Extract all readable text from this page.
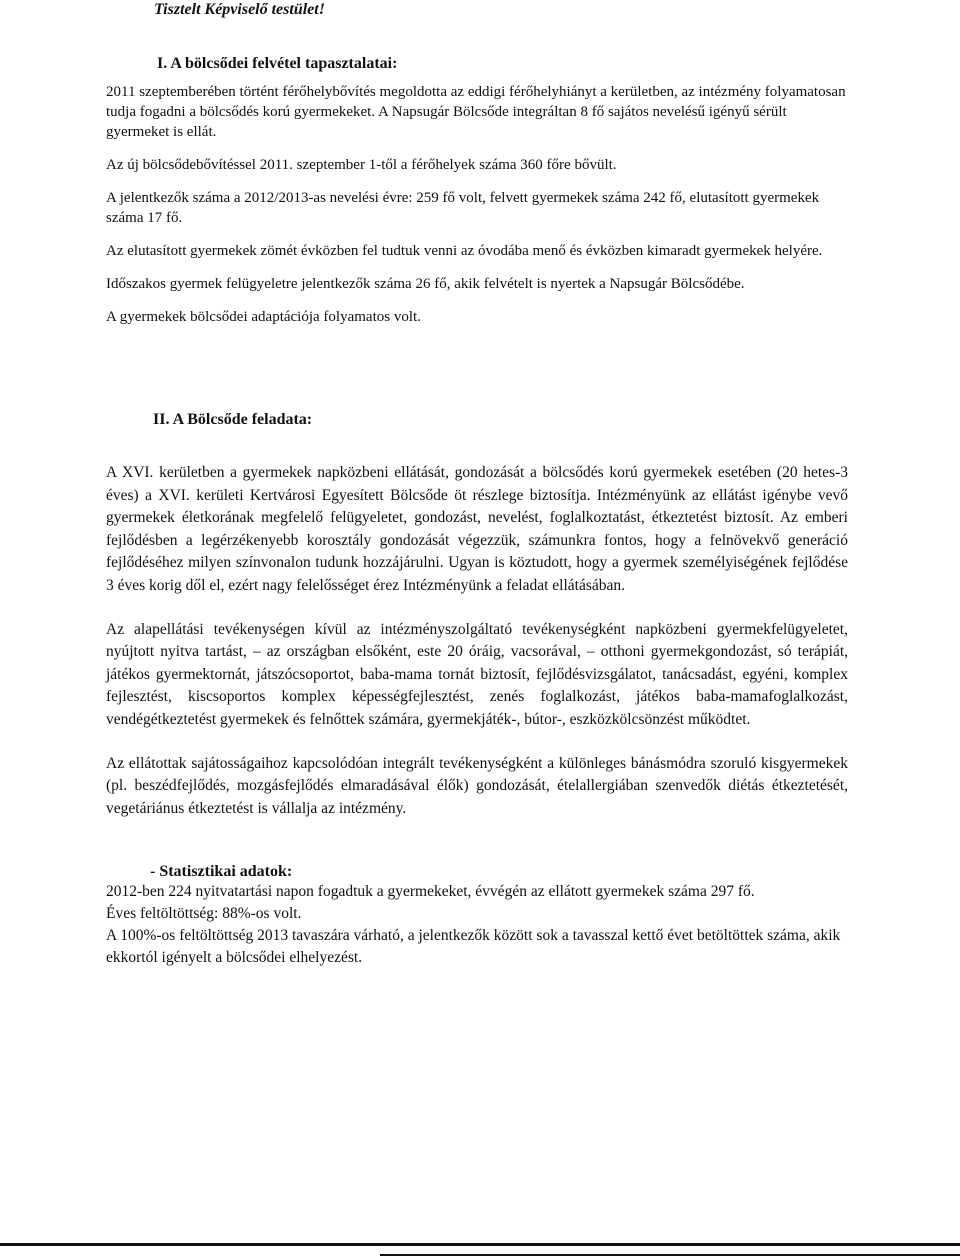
Tisztelt Képviselő testület!

I. A bölcsődei felvétel tapasztalatai:

2011 szeptemberében történt férőhelybővítés megoldotta az eddigi férőhelyhiányt a kerületben, az intézmény folyamatosan tudja fogadni a bölcsődés korú gyermekeket. A Napsugár Bölcsőde integráltan 8 fő sajátos nevelésű igényű sérült gyermeket is ellát.

Az új bölcsődebővítéssel 2011. szeptember 1-től a férőhelyek száma 360 főre bővült.

A jelentkezők száma a 2012/2013-as nevelési évre: 259 fő volt, felvett gyermekek száma 242 fő, elutasított gyermekek száma 17 fő.

Az elutasított gyermekek zömét évközben fel tudtuk venni az óvodába menő és évközben kimaradt gyermekek helyére.

Időszakos gyermek felügyeletre jelentkezők száma 26 fő, akik felvételt is nyertek a Napsugár Bölcsődébe.

A gyermekek bölcsődei adaptációja folyamatos volt.

II. A Bölcsőde feladata:

A XVI. kerületben a gyermekek napközbeni ellátását, gondozását a bölcsődés korú gyermekek esetében (20 hetes-3 éves) a XVI. kerületi Kertvárosi Egyesített Bölcsőde öt részlege biztosítja. Intézményünk az ellátást igénybe vevő gyermekek életkorának megfelelő felügyeletet, gondozást, nevelést, foglalkoztatást, étkeztetést biztosít. Az emberi fejlődésben a legérzékenyebb korosztály gondozását végezzük, számunkra fontos, hogy a felnövekvő generáció fejlődéséhez milyen színvonalon tudunk hozzájárulni. Ugyan is köztudott, hogy a gyermek személyiségének fejlődése 3 éves korig dől el, ezért nagy felelősséget érez Intézményünk a feladat ellátásában.

Az alapellátási tevékenységen kívül az intézményszolgáltató tevékenységként napközbeni gyermekfelügyeletet, nyújtott nyitva tartást, – az országban elsőként, este 20 óráig, vacsorával, – otthoni gyermekgondozást, só terápiát, játékos gyermektornát, játszócsoportot, baba-mama tornát biztosít, fejlődésvizsgálatot, tanácsadást, egyéni, komplex fejlesztést, kiscsoportos komplex képességfejlesztést, zenés foglalkozást, játékos baba-mamafoglalkozást, vendégétkeztetést gyermekek és felnőttek számára, gyermekjáték-, bútor-, eszközkölcsönzést működtet.

Az ellátottak sajátosságaihoz kapcsolódóan integrált tevékenységként a különleges bánásmódra szoruló kisgyermekek (pl. beszédfejlődés, mozgásfejlődés elmaradásával élők) gondozását, ételallergiában szenvedők diétás étkeztetését, vegetáriánus étkeztetést is vállalja az intézmény.

- Statisztikai adatok:

2012-ben 224 nyitvatartási napon fogadtuk a gyermekeket, évvégén az ellátott gyermekek száma 297 fő.

Éves feltöltöttség: 88%-os volt.

A 100%-os feltöltöttség 2013 tavaszára várható, a jelentkezők között sok a tavasszal kettő évet betöltöttek száma, akik ekkortól igényelt a bölcsődei elhelyezést.
